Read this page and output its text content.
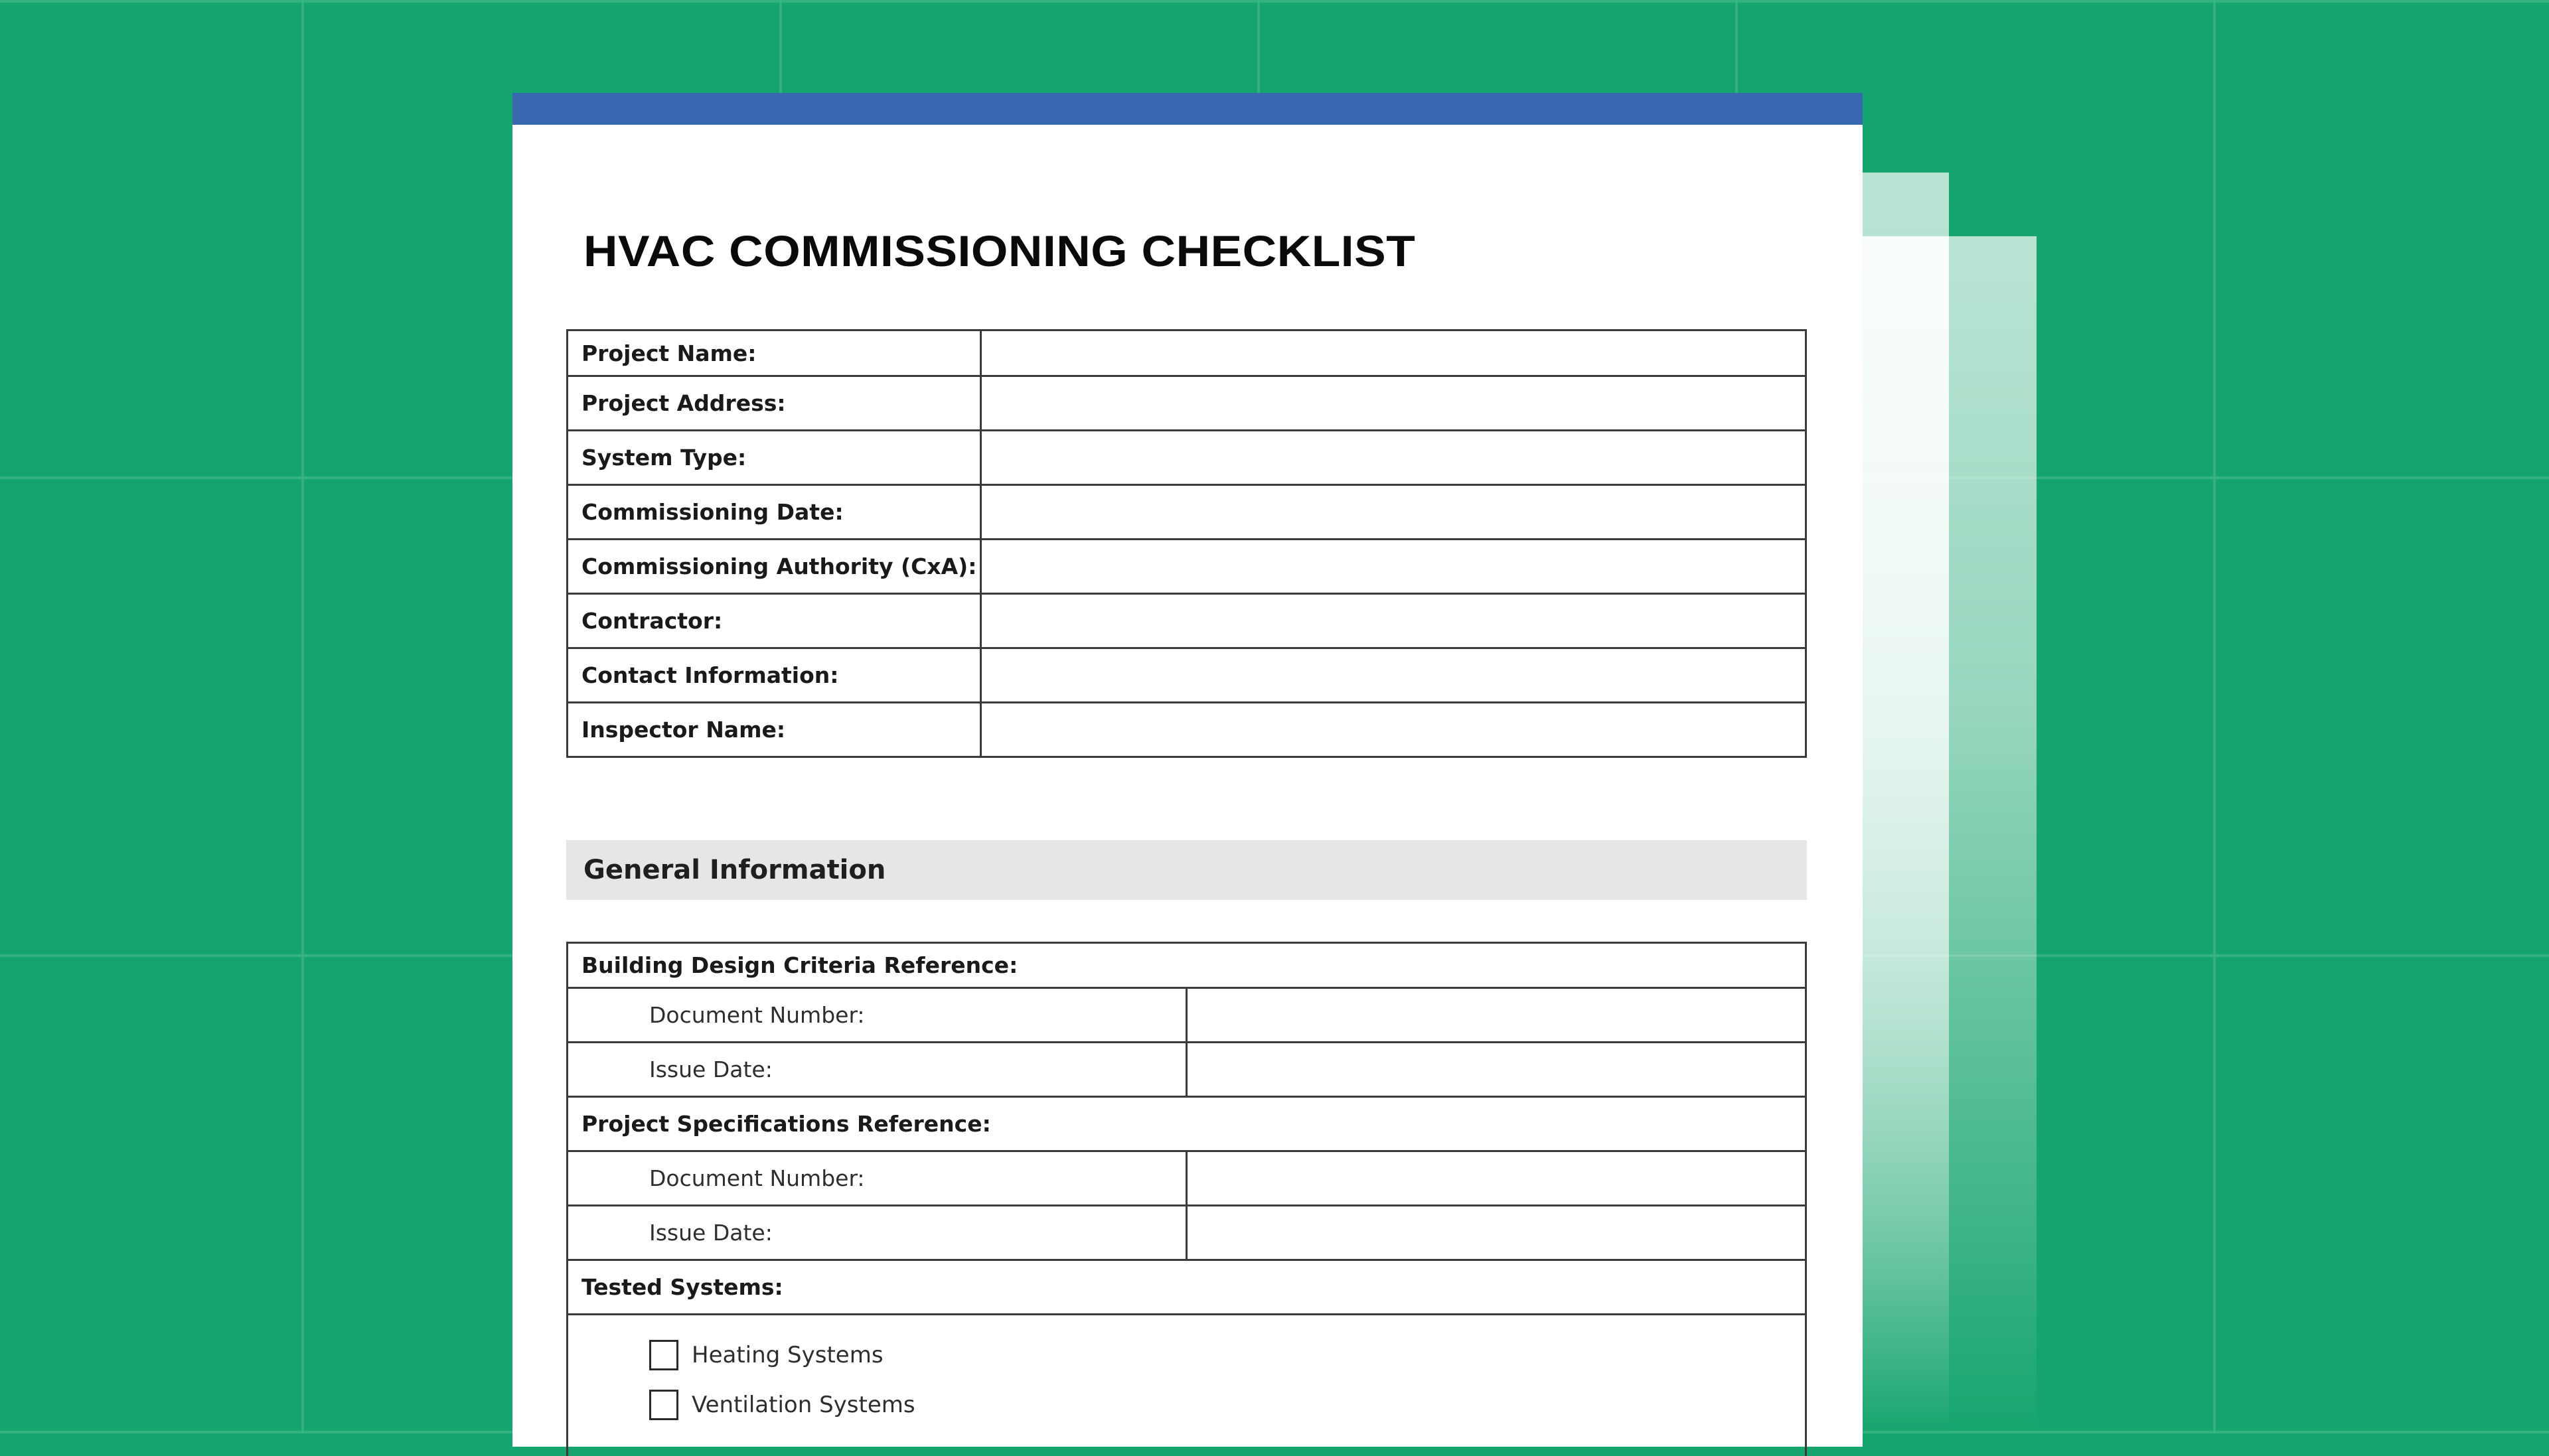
HVAC COMMISSIONING CHECKLIST
Project Name:	
Project Address:	
System Type:	
Commissioning Date:	
Commissioning Authority (CxA):	
Contractor:	
Contact Information:	
Inspector Name:	
General Information
Building Design Criteria Reference:	
Document Number:	
Issue Date:	
Project Specifications Reference:	
Document Number:	
Issue Date:	
Tested Systems:	

Heating Systems
Ventilation Systems	
